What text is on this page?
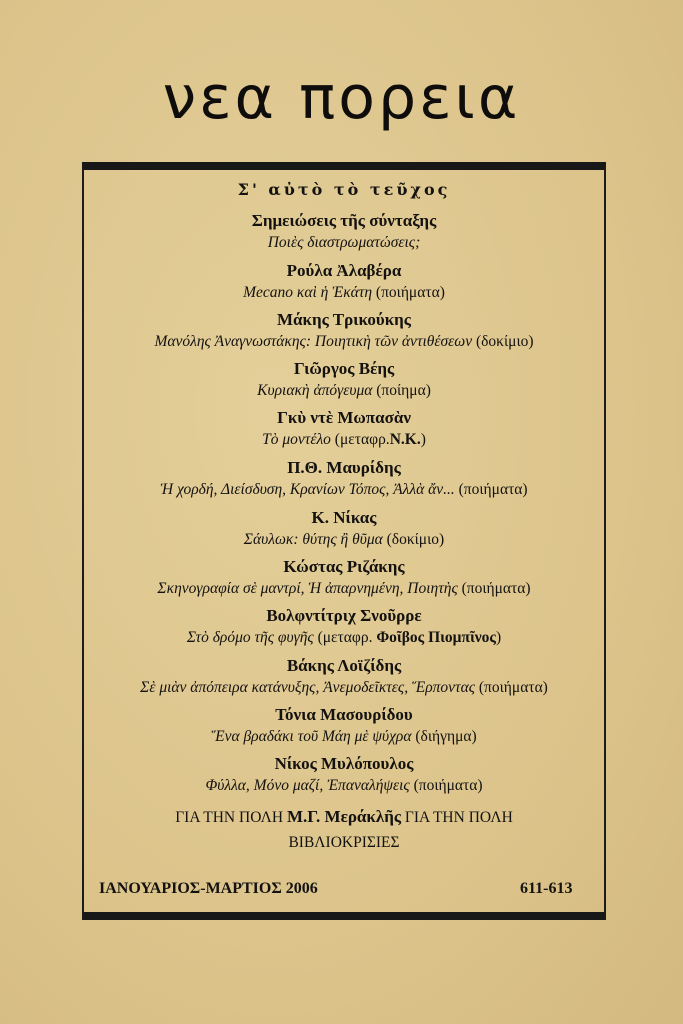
νεα πορεια
Σ' αὐτὸ τὸ τεῦχος
Σημειώσεις τῆς σύνταξης
Ποιὲς διαστρωματώσεις;
Ρούλα Ἀλαβέρα
Mecano καὶ ἡ Ἑκάτη (ποιήματα)
Μάκης Τρικούκης
Μανόλης Ἀναγνωστάκης: Ποιητικὴ τῶν ἀντιθέσεων (δοκίμιο)
Γιῶργος Βέης
Κυριακὴ ἀπόγευμα (ποίημα)
Γκὺ ντὲ Μωπασὰν
Τὸ μοντέλο (μεταφρ.Ν.Κ.)
Π.Θ. Μαυρίδης
Ἡ χορδή, Διείσδυση, Κρανίων Τόπος, Ἀλλὰ ἄν... (ποιήματα)
Κ. Νίκας
Σάυλωκ: θύτης ἢ θῦμα (δοκίμιο)
Κώστας Ριζάκης
Σκηνογραφία σὲ μαντρί, Ἡ ἀπαρνημένη, Ποιητὴς (ποιήματα)
Βολφντίτριχ Σνοῦρρε
Στὸ δρόμο τῆς φυγῆς (μεταφρ. Φοῖβος Πιομπῖνος)
Βάκης Λοϊζίδης
Σὲ μιὰν ἀπόπειρα κατάνυξης, Ἀνεμοδεῖκτες, Ἕρποντας (ποιήματα)
Τόνια Μασουρίδου
Ἕνα βραδάκι τοῦ Μάη μὲ ψύχρα (διήγημα)
Νίκος Μυλόπουλος
Φύλλα, Μόνο μαζί, Ἐπαναλήψεις (ποιήματα)
ΓΙΑ ΤΗΝ ΠΟΛΗ Μ.Γ. Μεράκλῆς ΓΙΑ ΤΗΝ ΠΟΛΗ
ΒΙΒΛΙΟΚΡΙΣΙΕΣ
ΙΑΝΟΥΑΡΙΟΣ-ΜΑΡΤΙΟΣ 2006	611-613
